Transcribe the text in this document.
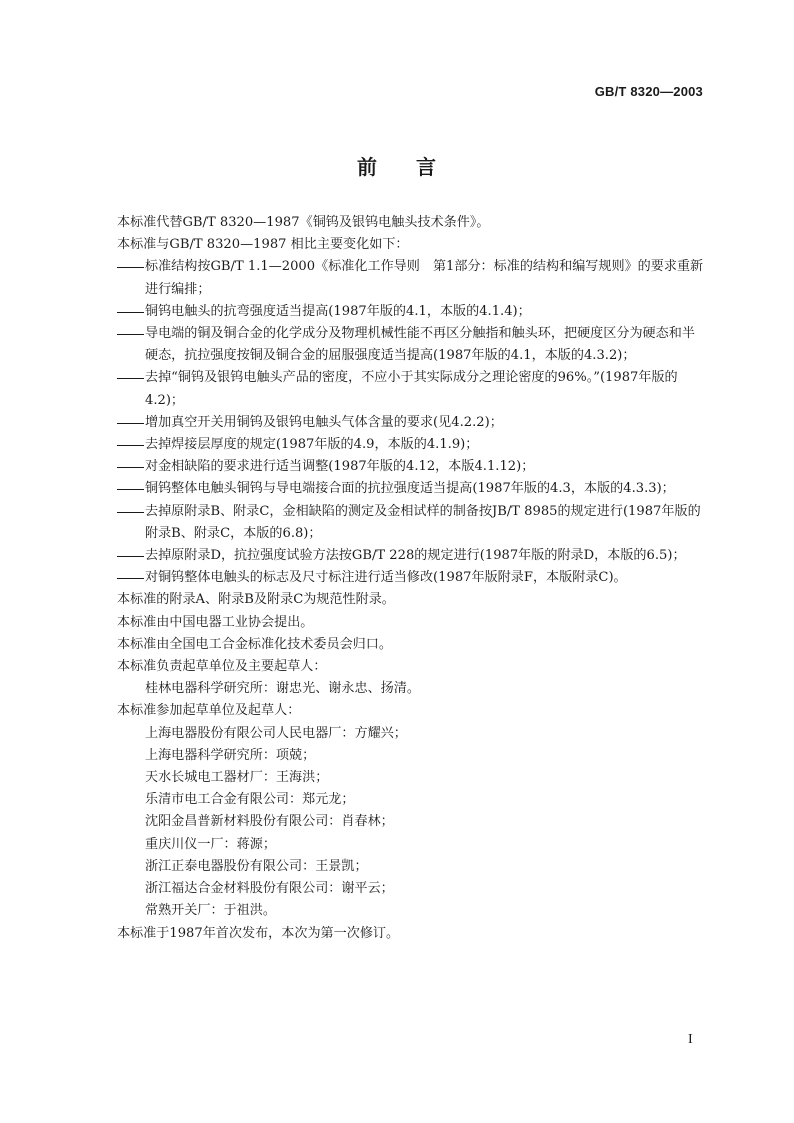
GB/T 8320—2003
前 言

本标准代替GB/T 8320—1987《铜钨及银钨电触头技术条件》。

本标准与GB/T 8320—1987 相比主要变化如下：

标准结构按GB/T 1.1—2000《标准化工作导则　第1部分：标准的结构和编写规则》的要求重新进行编排；

铜钨电触头的抗弯强度适当提高(1987年版的4.1，本版的4.1.4)；

导电端的铜及铜合金的化学成分及物理机械性能不再区分触指和触头环，把硬度区分为硬态和半硬态，抗拉强度按铜及铜合金的屈服强度适当提高(1987年版的4.1，本版的4.3.2)；

去掉“铜钨及银钨电触头产品的密度，不应小于其实际成分之理论密度的96%。”(1987年版的4.2)；

增加真空开关用铜钨及银钨电触头气体含量的要求(见4.2.2)；

去掉焊接层厚度的规定(1987年版的4.9，本版的4.1.9)；

对金相缺陷的要求进行适当调整(1987年版的4.12，本版4.1.12)；

铜钨整体电触头铜钨与导电端接合面的抗拉强度适当提高(1987年版的4.3，本版的4.3.3)；

去掉原附录B、附录C，金相缺陷的测定及金相试样的制备按JB/T 8985的规定进行(1987年版的附录B、附录C，本版的6.8)；

去掉原附录D，抗拉强度试验方法按GB/T 228的规定进行(1987年版的附录D，本版的6.5)；

对铜钨整体电触头的标志及尺寸标注进行适当修改(1987年版附录F，本版附录C)。

本标准的附录A、附录B及附录C为规范性附录。

本标准由中国电器工业协会提出。

本标准由全国电工合金标准化技术委员会归口。

本标准负责起草单位及主要起草人：

桂林电器科学研究所：谢忠光、谢永忠、扬清。

本标准参加起草单位及起草人：

上海电器股份有限公司人民电器厂：方耀兴；

上海电器科学研究所：项兢；

天水长城电工器材厂：王海洪；

乐清市电工合金有限公司：郑元龙；

沈阳金昌普新材料股份有限公司：肖春林；

重庆川仪一厂：蒋源；

浙江正泰电器股份有限公司：王景凯；

浙江福达合金材料股份有限公司：谢平云；

常熟开关厂：于祖洪。

本标准于1987年首次发布，本次为第一次修订。

I
